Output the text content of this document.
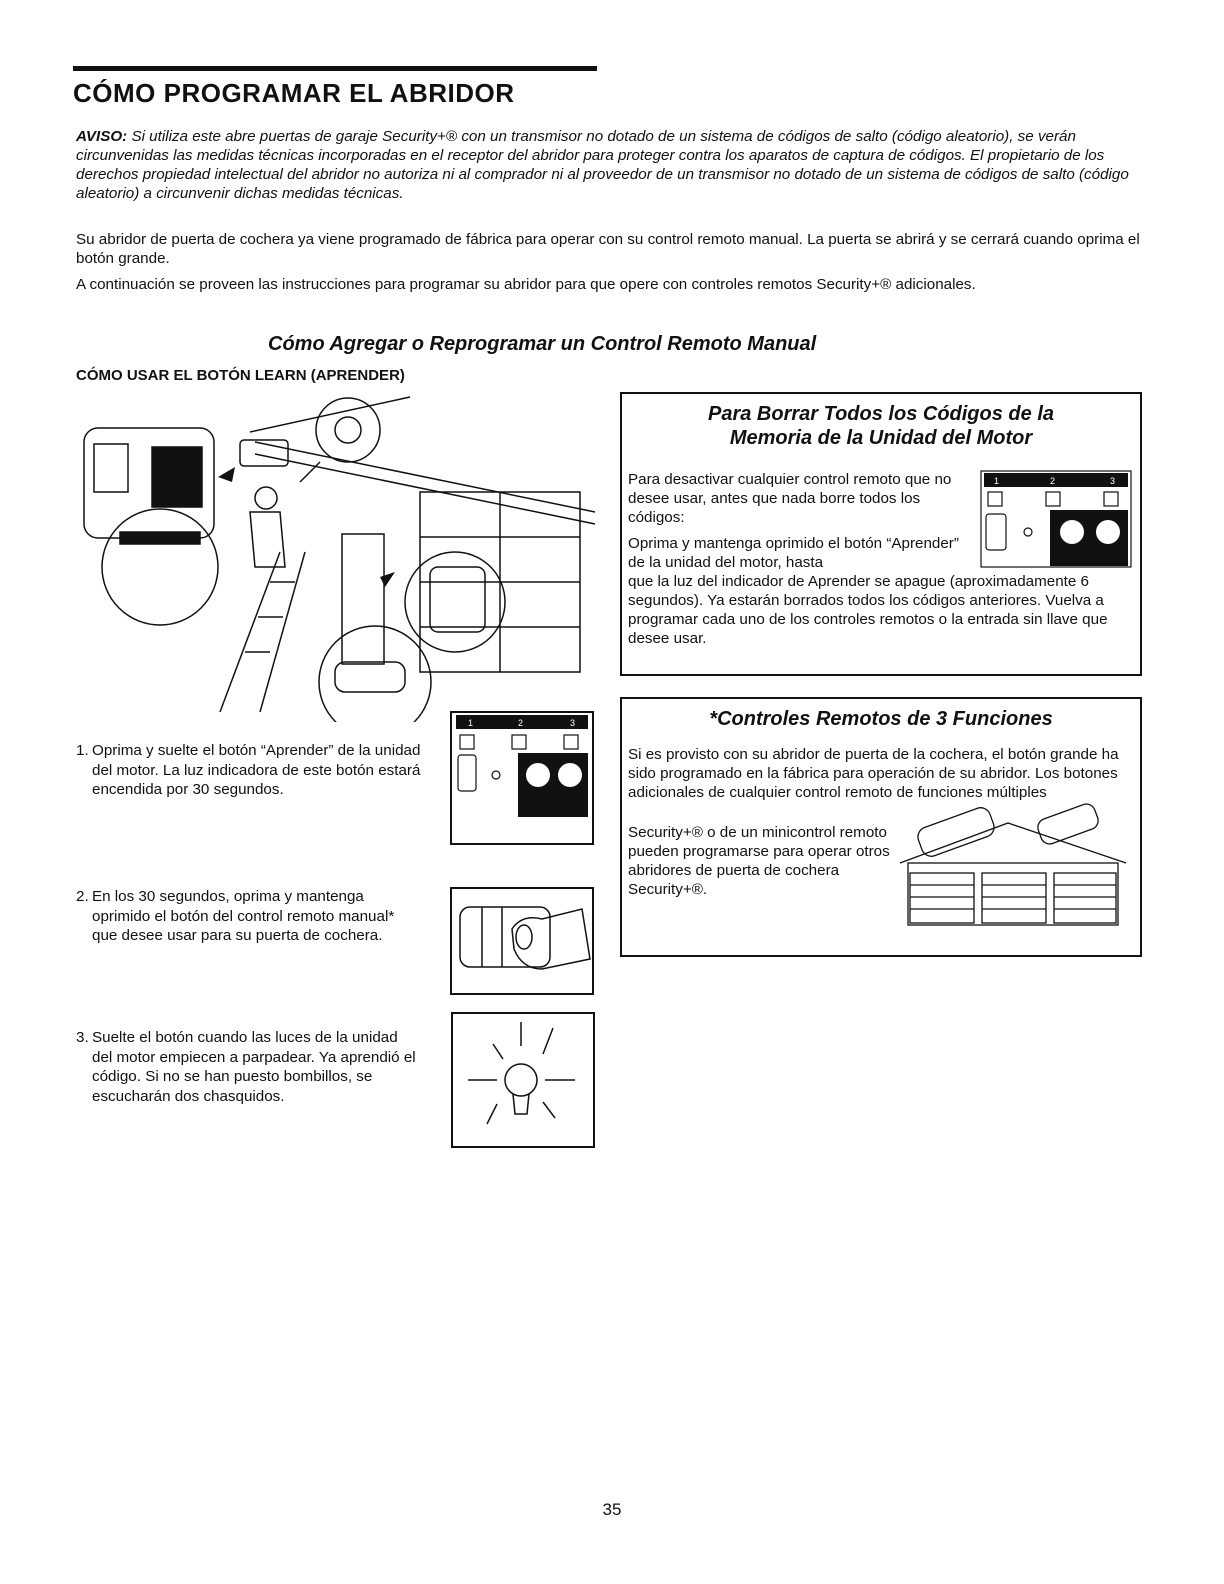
CÓMO PROGRAMAR EL ABRIDOR
AVISO: Si utiliza este abre puertas de garaje Security+® con un transmisor no dotado de un sistema de códigos de salto (código aleatorio), se verán circunvenidas las medidas técnicas incorporadas en el receptor del abridor para proteger contra los aparatos de captura de códigos. El propietario de los derechos propiedad intelectual del abridor no autoriza ni al comprador ni al proveedor de un transmisor no dotado de un sistema de códigos de salto (código aleatorio) a circunvenir dichas medidas técnicas.
Su abridor de puerta de cochera ya viene programado de fábrica para operar con su control remoto manual. La puerta se abrirá y se cerrará cuando oprima el botón grande.
A continuación se proveen las instrucciones para programar su abridor para que opere con controles remotos Security+® adicionales.
Cómo Agregar o Reprogramar un Control Remoto Manual
CÓMO USAR EL BOTÓN LEARN (APRENDER)
1. Oprima y suelte el botón “Aprender” de la unidad del motor. La luz indicadora de este botón estará encendida por 30 segundos.
2. En los 30 segundos, oprima y mantenga oprimido el botón del control remoto manual* que desee usar para su puerta de cochera.
3. Suelte el botón cuando las luces de la unidad del motor empiecen a parpadear. Ya aprendió el código. Si no se han puesto bombillos, se escucharán dos chasquidos.
1	2	3
Para Borrar Todos los Códigos de la
Memoria de la Unidad del Motor
Para desactivar cualquier control remoto que no desee usar, antes que nada borre todos los códigos:
Oprima y mantenga oprimido el botón “Aprender” de la unidad del motor, hasta
que la luz del indicador de Aprender se apague (aproximadamente 6 segundos). Ya estarán borrados todos los códigos anteriores. Vuelva a programar cada uno de los controles remotos o la entrada sin llave que desee usar.
1	2	3
*Controles Remotos de 3 Funciones
Si es provisto con su abridor de puerta de la cochera, el botón grande ha sido programado en la fábrica para operación de su abridor. Los botones adicionales de cualquier control remoto de funciones múltiples
Security+® o de un minicontrol remoto pueden programarse para operar otros abridores de puerta de cochera Security+®.
35
